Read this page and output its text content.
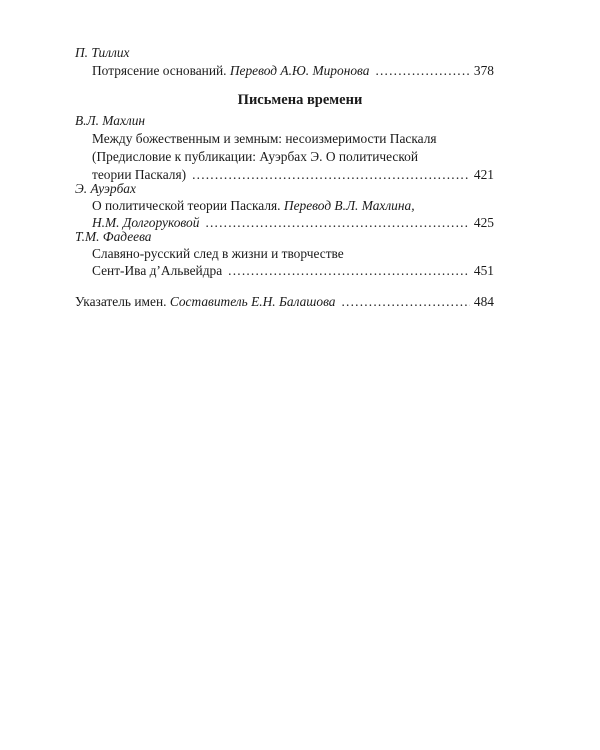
П. Тиллих
Потрясение оснований. Перевод А.Ю. Миронова .....	378
Письмена времени
В.Л. Махлин
Между божественным и земным: несоизмеримости Паскаля
(Предисловие к публикации: Ауэрбах Э. О политической
теории Паскаля) .....	421
Э. Ауэрбах
О политической теории Паскаля. Перевод В.Л. Махлина,
Н.М. Долгоруковой .....	425
Т.М. Фадеева
Славяно-русский след в жизни и творчестве
Сент-Ива д’Альвейдра .....	451
Указатель имен. Составитель Е.Н. Балашова .....	484
